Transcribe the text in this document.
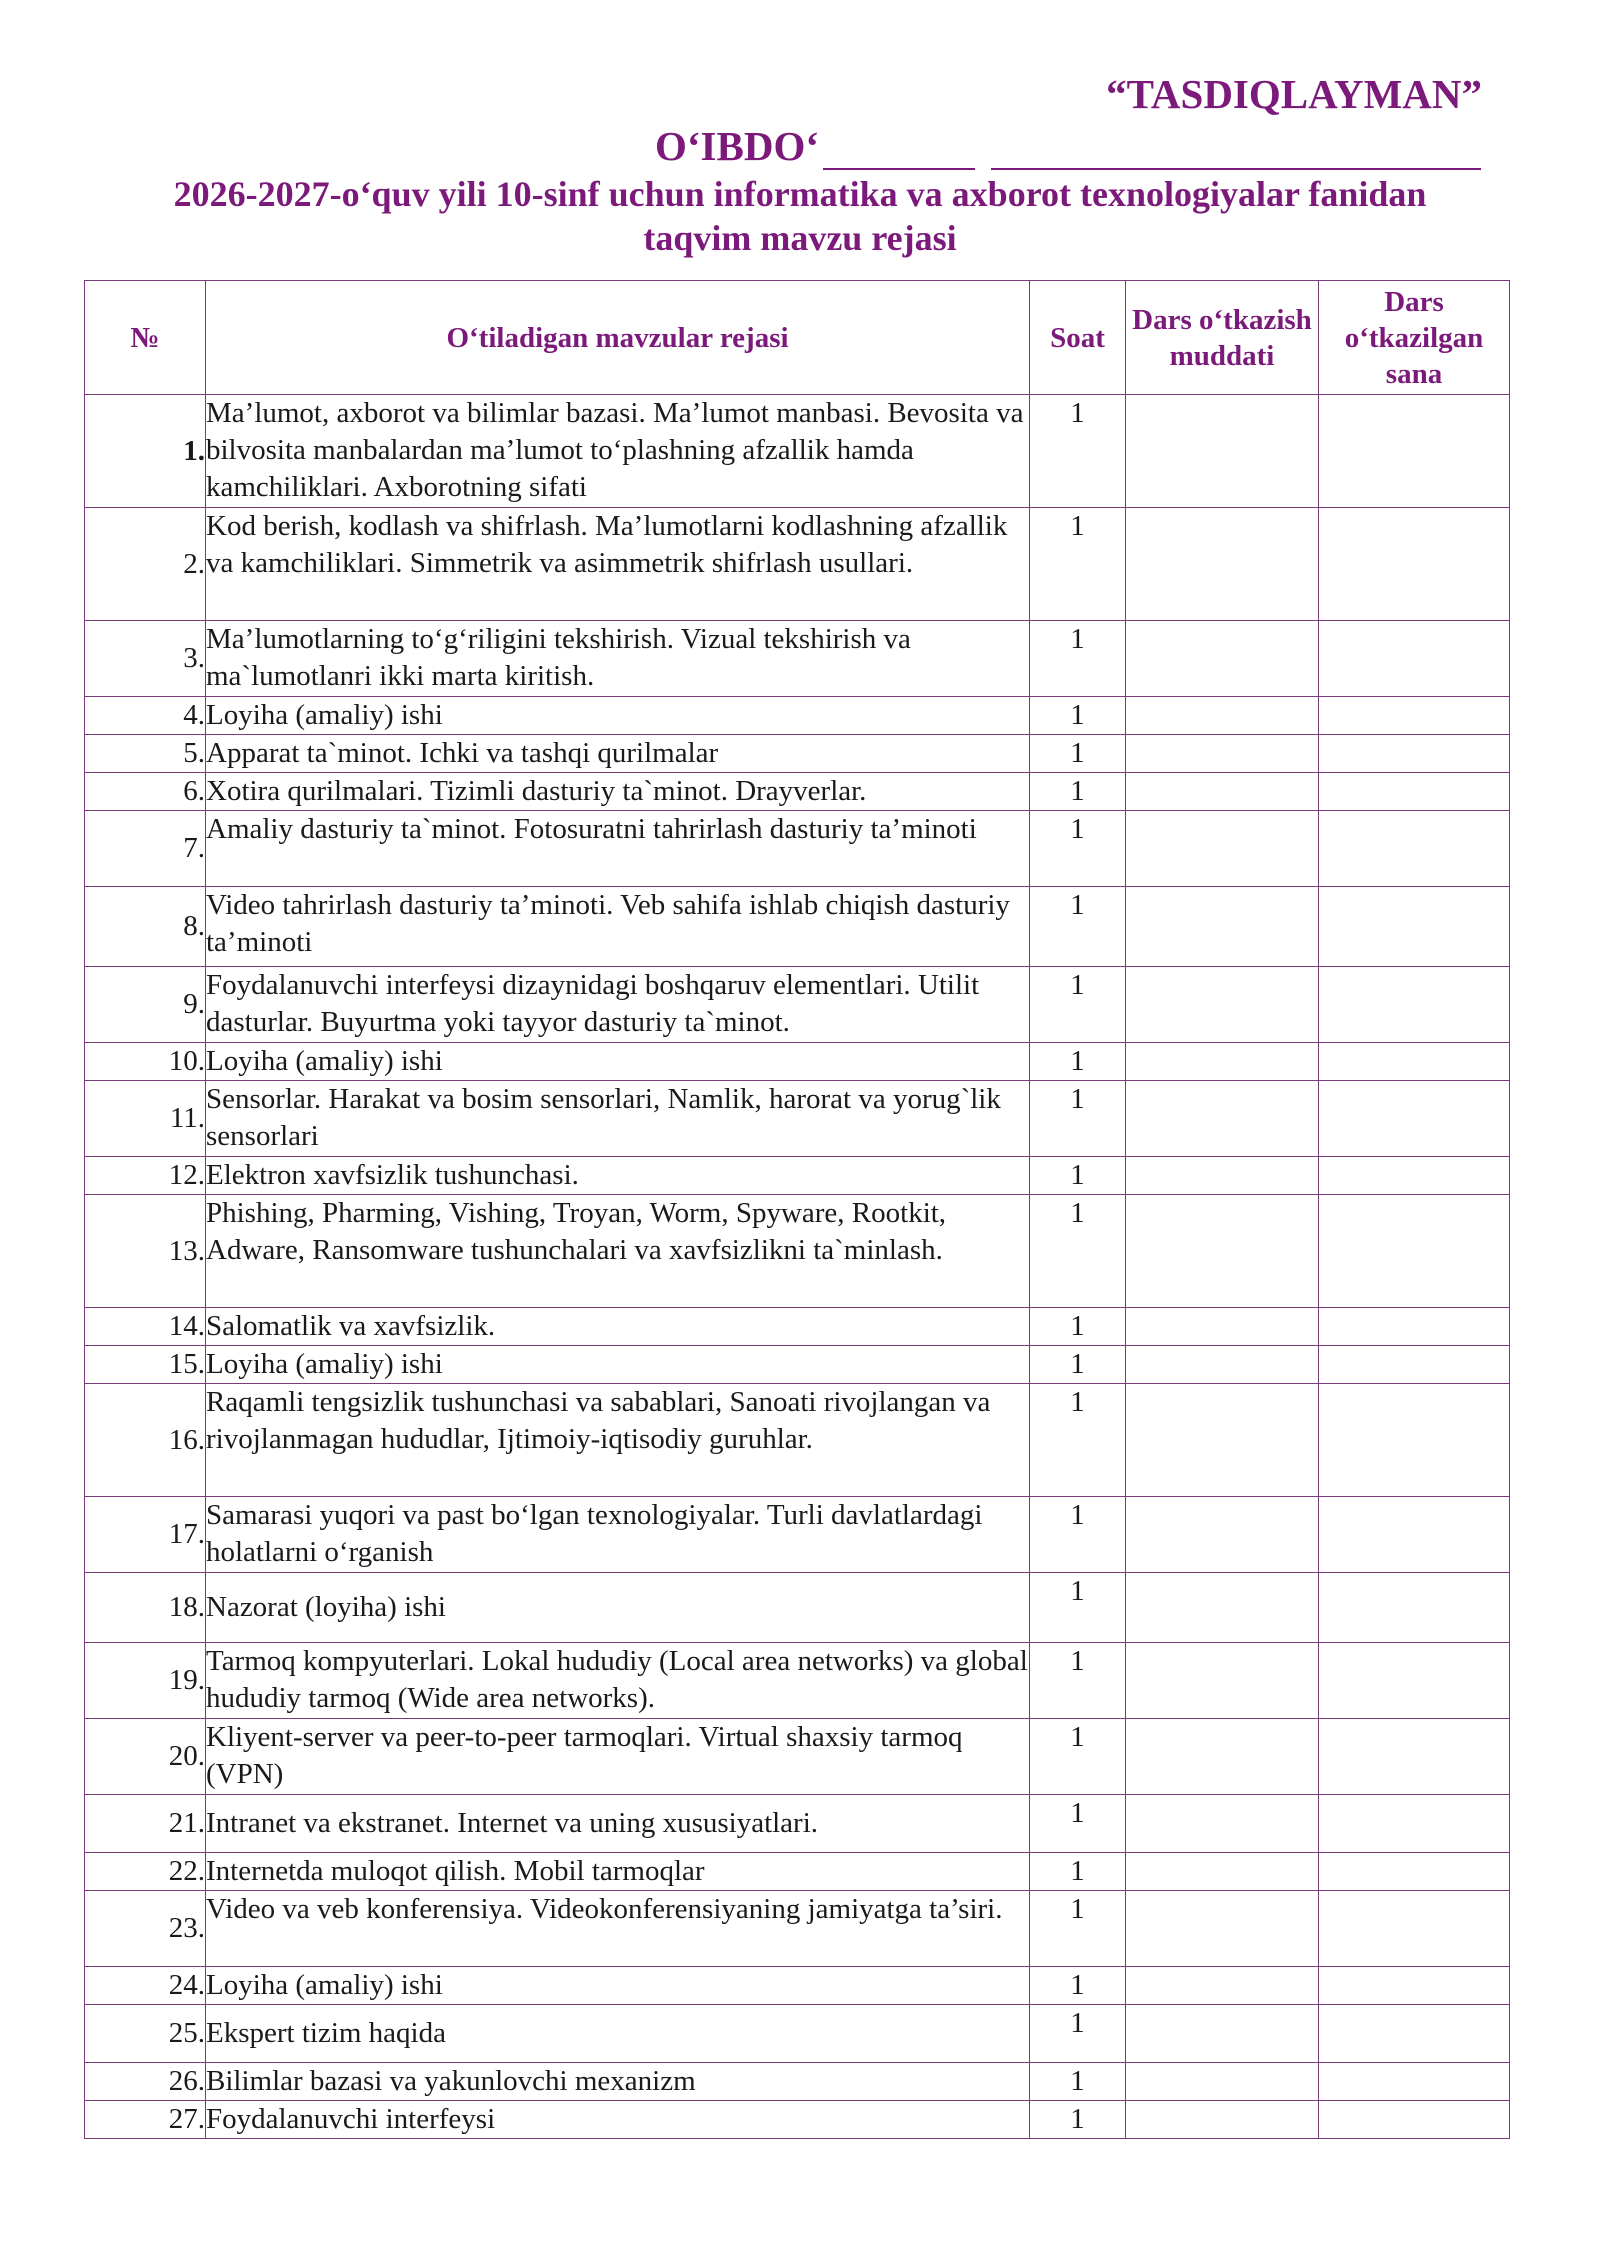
“TASDIQLAYMAN”
O‘IBDO‘
2026-2027-o‘quv yili 10-sinf uchun informatika va axborot texnologiyalar fanidan
taqvim mavzu rejasi
№	O‘tiladigan mavzular rejasi	Soat	Dars o‘tkazish muddati	Dars o‘tkazilgan sana
1.	Ma’lumot, axborot va bilimlar bazasi. Ma’lumot manbasi. Bevosita va bilvosita manbalardan ma’lumot to‘plashning afzallik hamda kamchiliklari. Axborotning sifati	1		
2.	Kod berish, kodlash va shifrlash. Ma’lumotlarni kodlashning afzallik va kamchiliklari. Simmetrik va asimmetrik shifrlash usullari.	1		
3.	Ma’lumotlarning to‘g‘riligini tekshirish. Vizual tekshirish va ma`lumotlanri ikki marta kiritish.	1		
4.	Loyiha (amaliy) ishi	1		
5.	Apparat ta`minot. Ichki va tashqi qurilmalar	1		
6.	Xotira qurilmalari. Tizimli dasturiy ta`minot. Drayverlar.	1		
7.	Amaliy dasturiy ta`minot. Fotosuratni tahrirlash dasturiy ta’minoti	1		
8.	Video tahrirlash dasturiy ta’minoti. Veb sahifa ishlab chiqish dasturiy ta’minoti	1		
9.	Foydalanuvchi interfeysi dizaynidagi boshqaruv elementlari. Utilit dasturlar. Buyurtma yoki tayyor dasturiy ta`minot.	1		
10.	Loyiha (amaliy) ishi	1		
11.	Sensorlar. Harakat va bosim sensorlari, Namlik, harorat va yorug`lik sensorlari	1		
12.	Elektron xavfsizlik tushunchasi.	1		
13.	Phishing, Pharming, Vishing, Troyan, Worm, Spyware, Rootkit, Adware, Ransomware tushunchalari va xavfsizlikni ta`minlash.	1		
14.	Salomatlik va xavfsizlik.	1		
15.	Loyiha (amaliy) ishi	1		
16.	Raqamli tengsizlik tushunchasi va sabablari, Sanoati rivojlangan va rivojlanmagan hududlar, Ijtimoiy-iqtisodiy guruhlar.	1		
17.	Samarasi yuqori va past bo‘lgan texnologiyalar. Turli davlatlardagi holatlarni o‘rganish	1		
18.	Nazorat (loyiha) ishi	1		
19.	Tarmoq kompyuterlari. Lokal hududiy (Local area networks) va global hududiy tarmoq (Wide area networks).	1		
20.	Kliyent-server va peer-to-peer tarmoqlari. Virtual shaxsiy tarmoq (VPN)	1		
21.	Intranet va ekstranet. Internet va uning xususiyatlari.	1		
22.	Internetda muloqot qilish. Mobil tarmoqlar	1		
23.	Video va veb konferensiya. Videokonferensiyaning jamiyatga ta’siri.	1		
24.	Loyiha (amaliy) ishi	1		
25.	Ekspert tizim haqida	1		
26.	Bilimlar bazasi va yakunlovchi mexanizm	1		
27.	Foydalanuvchi interfeysi	1		
